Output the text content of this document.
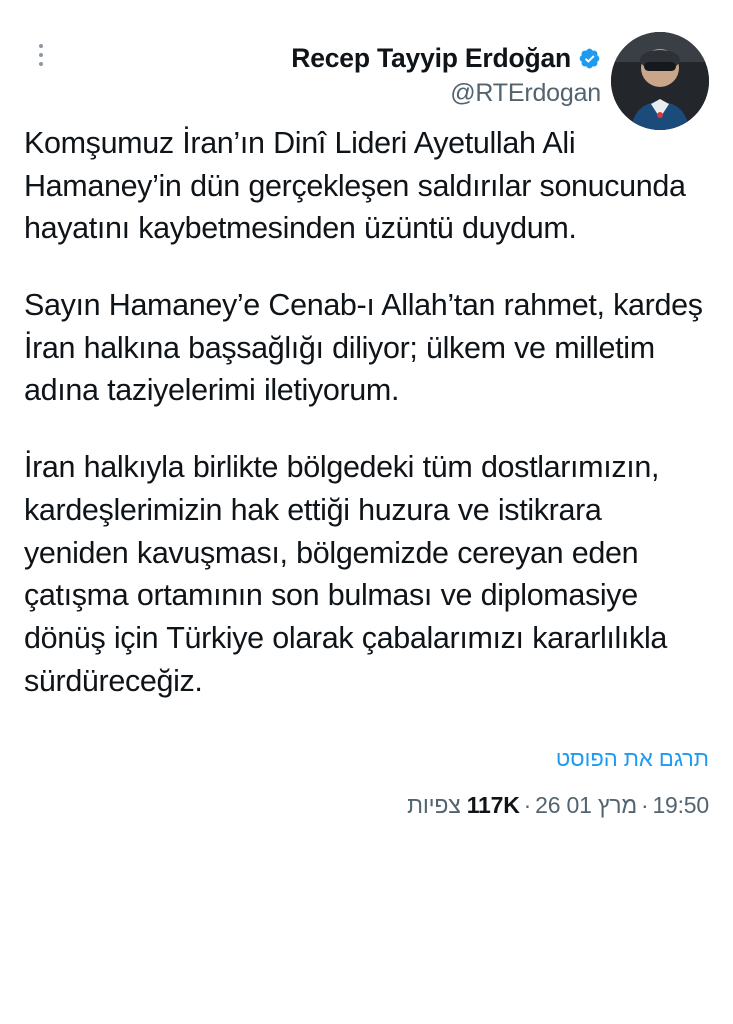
Recep Tayyip Erdoğan
@RTErdogan

Komşumuz İran’ın Dinî Lideri Ayetullah Ali Hamaney’in dün gerçekleşen saldırılar sonucunda hayatını kaybetmesinden üzüntü duydum.

Sayın Hamaney’e Cenab-ı Allah’tan rahmet, kardeş İran halkına başsağlığı diliyor; ülkem ve milletim adına taziyelerimi iletiyorum.

İran halkıyla birlikte bölgedeki tüm dostlarımızın, kardeşlerimizin hak ettiği huzura ve istikrara yeniden kavuşması, bölgemizde cereyan eden çatışma ortamının son bulması ve diplomasiye dönüş için Türkiye olarak çabalarımızı kararlılıkla sürdüreceğiz.

תרגם את הפוסט
19:50·26 מרץ 01·117K צפיות
